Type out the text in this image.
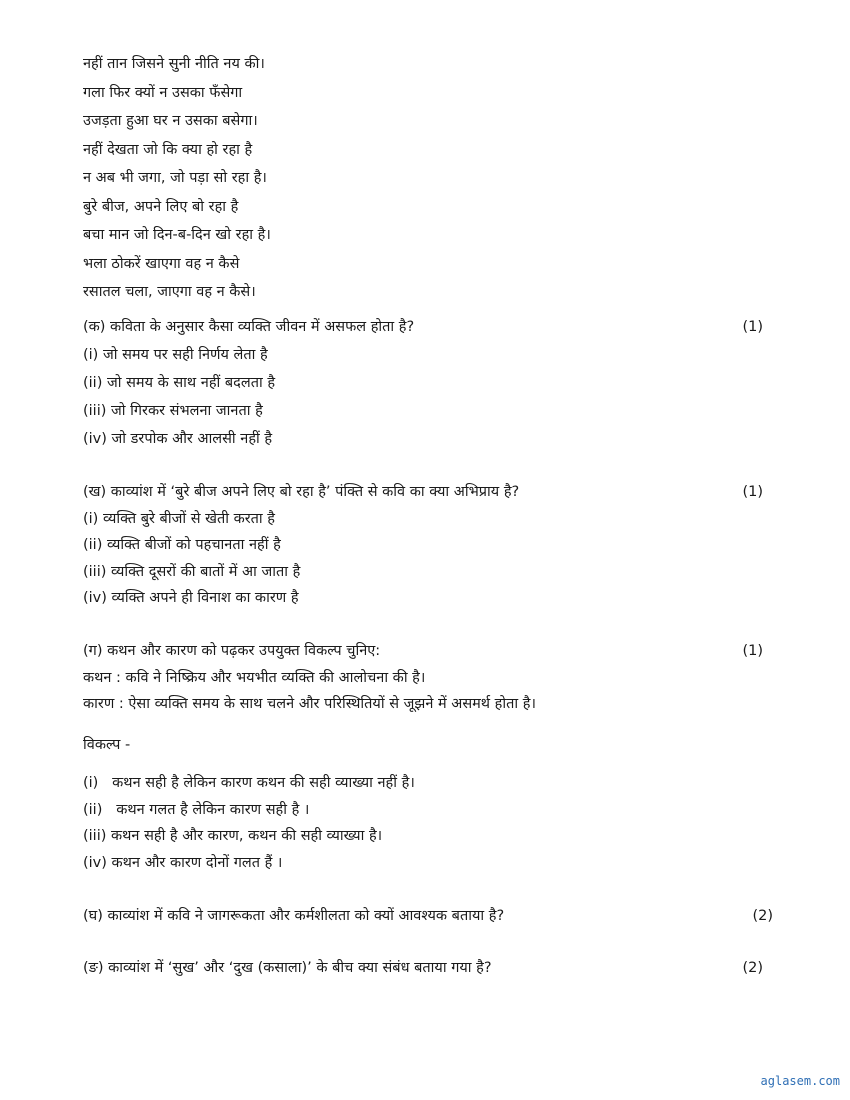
नहीं तान जिसने सुनी नीति नय की।
गला फिर क्यों न उसका फँसेगा
उजड़ता हुआ घर न उसका बसेगा।
नहीं देखता जो कि क्या हो रहा है
न अब भी जगा, जो पड़ा सो रहा है।
बुरे बीज, अपने लिए बो रहा है
बचा मान जो दिन-ब-दिन खो रहा है।
भला ठोकरें खाएगा वह न कैसे
रसातल चला, जाएगा वह न कैसे।
(क) कविता के अनुसार कैसा व्यक्ति जीवन में असफल होता है?	(1)
(i) जो समय पर सही निर्णय लेता है
(ii) जो समय के साथ नहीं बदलता है
(iii) जो गिरकर संभलना जानता है
(iv) जो डरपोक और आलसी नहीं है
(ख) काव्यांश में ‘बुरे बीज अपने लिए बो रहा है’ पंक्ति से कवि का क्या अभिप्राय है?	(1)
(i) व्यक्ति बुरे बीजों से खेती करता है
(ii) व्यक्ति बीजों को पहचानता नहीं है
(iii) व्यक्ति दूसरों की बातों में आ जाता है
(iv) व्यक्ति अपने ही विनाश का कारण है
(ग) कथन और कारण को पढ़कर उपयुक्त विकल्प चुनिए:	(1)
कथन : कवि ने निष्क्रिय और भयभीत व्यक्ति की आलोचना की है।
कारण : ऐसा व्यक्ति समय के साथ चलने और परिस्थितियों से जूझने में असमर्थ होता है।
विकल्प -
(i)   कथन सही है लेकिन कारण कथन की सही व्याख्या नहीं है।
(ii)   कथन गलत है लेकिन कारण सही है ।
(iii) कथन सही है और कारण, कथन की सही व्याख्या है।
(iv) कथन और कारण दोनों गलत हैं ।
(घ) काव्यांश में कवि ने जागरूकता और कर्मशीलता को क्यों आवश्यक बताया है?	(2)
(ङ) काव्यांश में ‘सुख’ और ‘दुख (कसाला)’ के बीच क्या संबंध बताया गया है?	(2)
aglasem.com
